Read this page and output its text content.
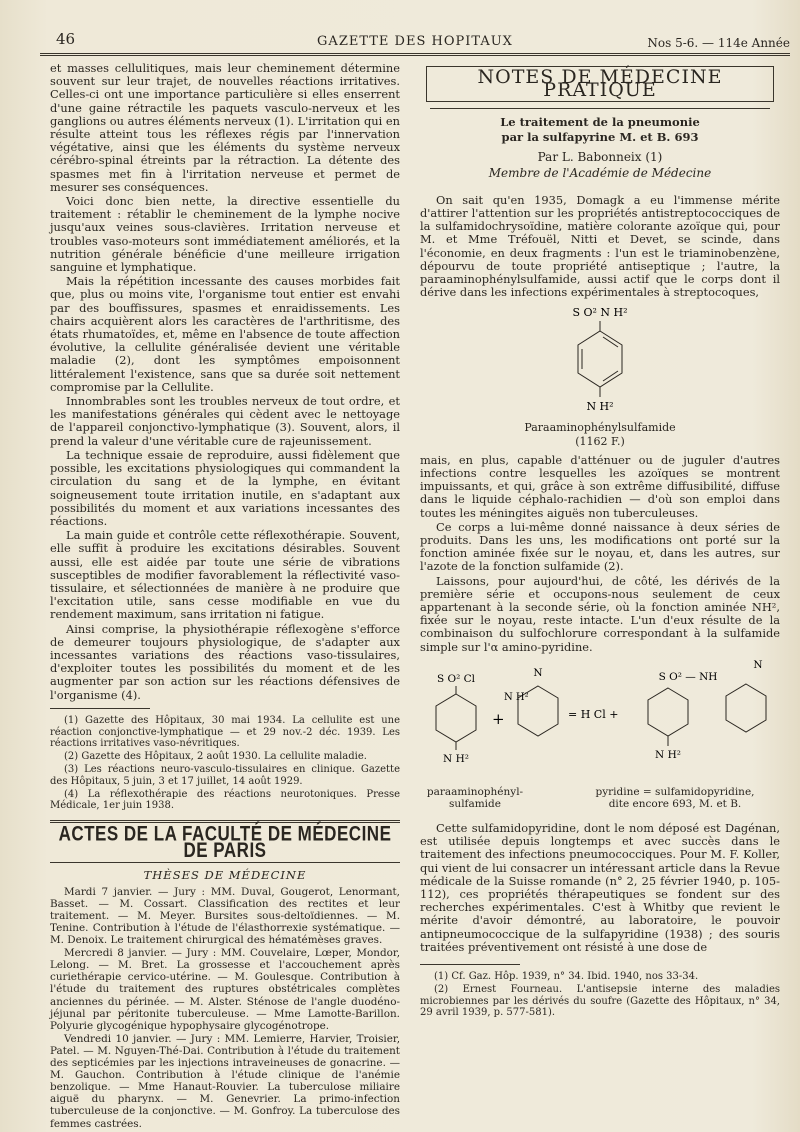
46	GAZETTE DES HOPITAUX	Nos 5-6. — 114e Année

et masses cellulitiques, mais leur cheminement détermine souvent sur leur trajet, de nouvelles réactions irritatives. Celles-ci ont une importance particulière si elles enserrent d'une gaine rétractile les paquets vasculo-nerveux et les ganglions ou autres éléments nerveux (1). L'irritation qui en résulte atteint tous les réflexes régis par l'innervation végétative, ainsi que les éléments du système nerveux cérébro-spinal étreints par la rétraction. La détente des spasmes met fin à l'irritation nerveuse et permet de mesurer ses conséquences.

Voici donc bien nette, la directive essentielle du traitement : rétablir le cheminement de la lymphe nocive jusqu'aux veines sous-clavières. Irritation nerveuse et troubles vaso-moteurs sont immédiatement améliorés, et la nutrition générale bénéficie d'une meilleure irrigation sanguine et lymphatique.

Mais la répétition incessante des causes morbides fait que, plus ou moins vite, l'organisme tout entier est envahi par des bouffissures, spasmes et enraidissements. Les chairs acquièrent alors les caractères de l'arthritisme, des états rhumatoïdes, et, même en l'absence de toute affection évolutive, la cellulite généralisée devient une véritable maladie (2), dont les symptômes empoisonnent littéralement l'existence, sans que sa durée soit nettement compromise par la Cellulite.

Innombrables sont les troubles nerveux de tout ordre, et les manifestations générales qui cèdent avec le nettoyage de l'appareil conjonctivo-lymphatique (3). Souvent, alors, il prend la valeur d'une véritable cure de rajeunissement.

La technique essaie de reproduire, aussi fidèlement que possible, les excitations physiologiques qui commandent la circulation du sang et de la lymphe, en évitant soigneusement toute irritation inutile, en s'adaptant aux possibilités du moment et aux variations incessantes des réactions.

La main guide et contrôle cette réflexothérapie. Souvent, elle suffit à produire les excitations désirables. Souvent aussi, elle est aidée par toute une série de vibrations susceptibles de modifier favorablement la réflectivité vaso-tissulaire, et sélectionnées de manière à ne produire que l'excitation utile, sans cesse modifiable en vue du rendement maximum, sans irritation ni fatigue.

Ainsi comprise, la physiothérapie réflexogène s'efforce de demeurer toujours physiologique, de s'adapter aux incessantes variations des réactions vaso-tissulaires, d'exploiter toutes les possibilités du moment et de les augmenter par son action sur les réactions défensives de l'organisme (4).

(1) Gazette des Hôpitaux, 30 mai 1934. La cellulite est une réaction conjonctive-lymphatique — et 29 nov.-2 déc. 1939. Les réactions irritatives vaso-névritiques.

(2) Gazette des Hôpitaux, 2 août 1930. La cellulite maladie.

(3) Les réactions neuro-vasculo-tissulaires en clinique. Gazette des Hôpitaux, 5 juin, 3 et 17 juillet, 14 août 1929.

(4) La réflexothérapie des réactions neurotoniques. Presse Médicale, 1er juin 1938.

ACTES DE LA FACULTÉ DE MÉDECINE DE PARIS
THÈSES DE MÉDECINE

Mardi 7 janvier. — Jury : MM. Duval, Gougerot, Lenormant, Basset. — M. Cossart. Classification des rectites et leur traitement. — M. Meyer. Bursites sous-deltoïdiennes. — M. Tenine. Contribution à l'étude de l'élasthorrexie systématique. — M. Denoix. Le traitement chirurgical des hématémèses graves.

Mercredi 8 janvier. — Jury : MM. Couvelaire, Lœper, Mondor, Lelong. — M. Bret. La grossesse et l'accouchement après curiethérapie cervico-utérine. — M. Goulesque. Contribution à l'étude du traitement des ruptures obstétricales complètes anciennes du périnée. — M. Alster. Sténose de l'angle duodéno-jéjunal par péritonite tuberculeuse. — Mme Lamotte-Barillon. Polyurie glycogénique hypophysaire glycogénotrope.

Vendredi 10 janvier. — Jury : MM. Lemierre, Harvier, Troisier, Patel. — M. Nguyen-Thé-Dai. Contribution à l'étude du traitement des septicémies par les injections intraveineuses de gonacrine. — M. Gauchon. Contribution à l'étude clinique de l'anémie benzolique. — Mme Hanaut-Rouvier. La tuberculose miliaire aiguë du pharynx. — M. Genevrier. La primo-infection tuberculeuse de la conjonctive. — M. Gonfroy. La tuberculose des femmes castrées.

NOTES DE MÉDECINE PRATIQUE
Le traitement de la pneumonie
par la sulfapyrine M. et B. 693
Par L. Babonneix (1)
Membre de l'Académie de Médecine

On sait qu'en 1935, Domagk a eu l'immense mérite d'attirer l'attention sur les propriétés antistreptococciques de la sulfamidochrysoïdine, matière colorante azoïque qui, pour M. et Mme Tréfouël, Nitti et Devet, se scinde, dans l'économie, en deux fragments : l'un est le triaminobenzène, dépourvu de toute propriété antiseptique ; l'autre, la paraaminophénylsulfamide, aussi actif que le corps dont il dérive dans les infections expérimentales à streptocoques,

S O² N H²
N H²
Paraaminophénylsulfamide
(1162 F.)

mais, en plus, capable d'atténuer ou de juguler d'autres infections contre lesquelles les azoïques se montrent impuissants, et qui, grâce à son extrême diffusibilité, diffuse dans le liquide céphalo-rachidien — d'où son emploi dans toutes les méningites aiguës non tuberculeuses.

Ce corps a lui-même donné naissance à deux séries de produits. Dans les uns, les modifications ont porté sur la fonction aminée fixée sur le noyau, et, dans les autres, sur l'azote de la fonction sulfamide (2).

Laissons, pour aujourd'hui, de côté, les dérivés de la première série et occupons-nous seulement de ceux appartenant à la seconde série, où la fonction aminée NH², fixée sur le noyau, reste intacte. L'un d'eux résulte de la combinaison du sulfochlorure correspondant à la sulfamide simple sur l'α amino-pyridine.

S O² Cl
N H²
+
N
N H²
= H Cl +
S O² — NH
N
N H²
paraaminophényl-
sulfamide
pyridine = sulfamidopyridine,
dite encore 693, M. et B.

Cette sulfamidopyridine, dont le nom déposé est Dagénan, est utilisée depuis longtemps et avec succès dans le traitement des infections pneumococciques. Pour M. F. Koller, qui vient de lui consacrer un intéressant article dans la Revue médicale de la Suisse romande (n° 2, 25 février 1940, p. 105-112), ces propriétés thérapeutiques se fondent sur des recherches expérimentales. C'est à Whitby que revient le mérite d'avoir démontré, au laboratoire, le pouvoir antipneumococcique de la sulfapyridine (1938) ; des souris traitées préventivement ont résisté à une dose de

(1) Cf. Gaz. Hôp. 1939, n° 34. Ibid. 1940, nos 33-34.

(2) Ernest Fourneau. L'antisepsie interne des maladies microbiennes par les dérivés du soufre (Gazette des Hôpitaux, n° 34, 29 avril 1939, p. 577-581).
